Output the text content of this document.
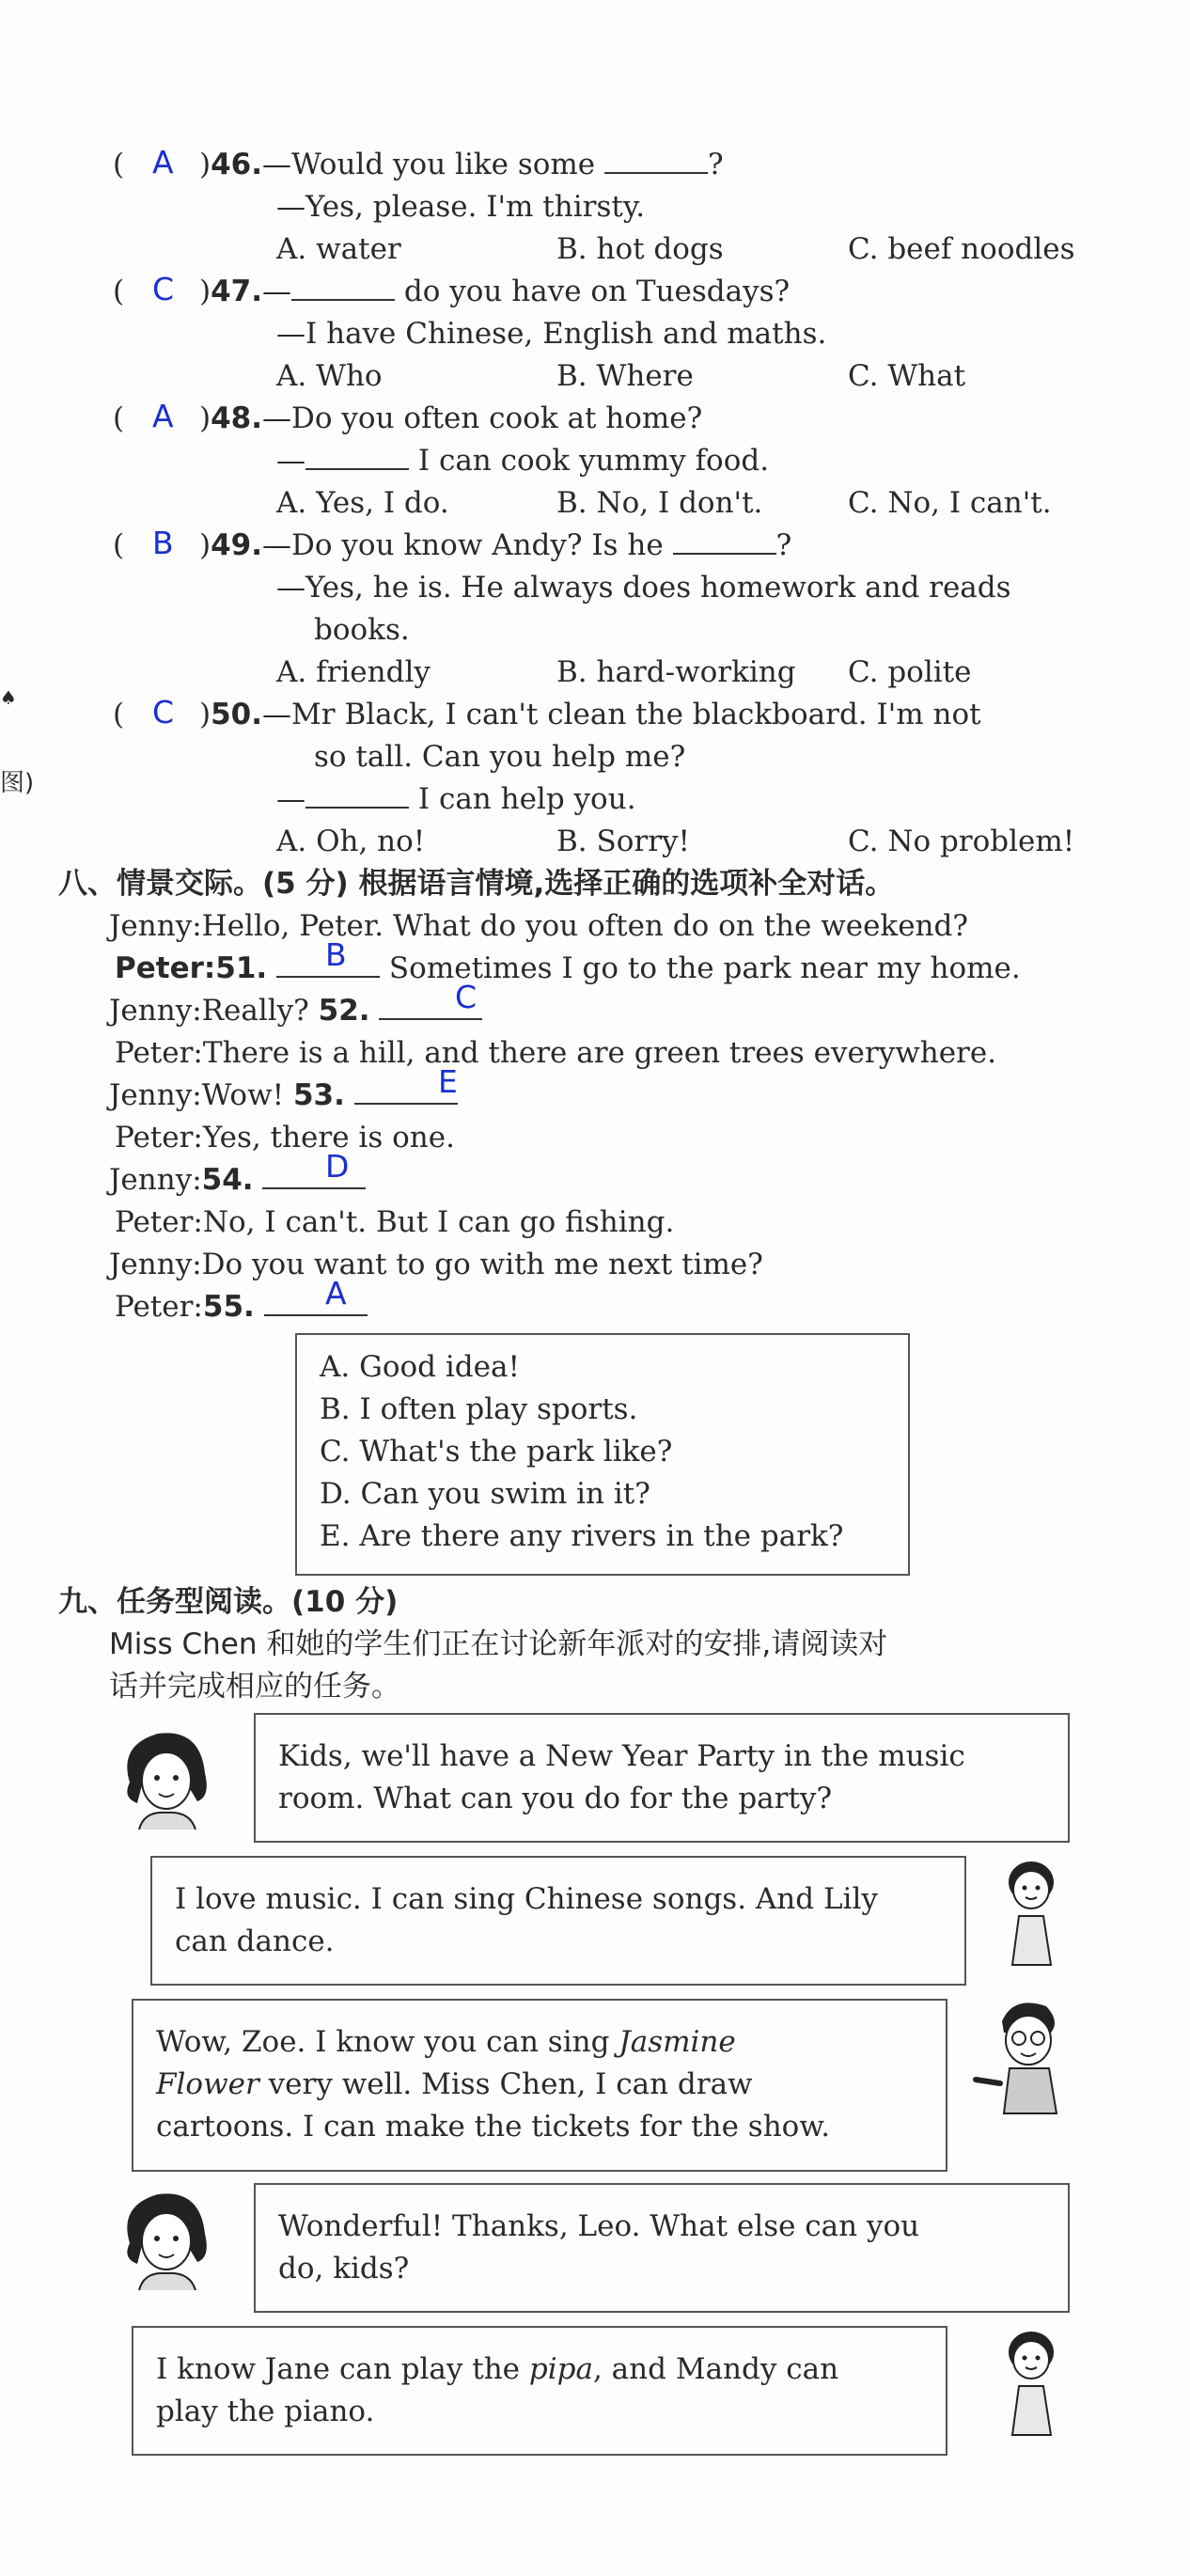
( A )46.—Would you like some	?
—Yes, please. I'm thirsty.
A. water	B. hot dogs	C. beef noodles
( C )47.—	do you have on Tuesdays?
—I have Chinese, English and maths.
A. Who	B. Where	C. What
( A )48.—Do you often cook at home?
—	I can cook yummy food.
A. Yes, I do.	B. No, I don't.	C. No, I can't.
( B )49.—Do you know Andy? Is he	?
—Yes, he is. He always does homework and reads
books.
A. friendly	B. hard-working C. polite
( C )50.—Mr Black, I can't clean the blackboard. I'm not
so tall. Can you help me?
—	I can help you.
A. Oh, no!	B. Sorry!	C. No problem!
♠
图)
八、情景交际。(5 分) 根据语言情境,选择正确的选项补全对话。
Jenny:Hello, Peter. What do you often do on the weekend?
Peter:51.	Sometimes I go to the park near my home.
B
Jenny:Really? 52.	C
Peter:There is a hill, and there are green trees everywhere.
Jenny:Wow! 53.	E
Peter:Yes, there is one.
Jenny:54.	D
Peter:No, I can't. But I can go fishing.
Jenny:Do you want to go with me next time?
Peter:55.	A
A. Good idea!
B. I often play sports.
C. What's the park like?
D. Can you swim in it?
E. Are there any rivers in the park?
九、任务型阅读。(10 分)
Miss Chen 和她的学生们正在讨论新年派对的安排,请阅读对
话并完成相应的任务。
Kids, we'll have a New Year Party in the music
room. What can you do for the party?
I love music. I can sing Chinese songs. And Lily
can dance.
Wow, Zoe. I know you can sing Jasmine
Flower very well. Miss Chen, I can draw
cartoons. I can make the tickets for the show.
Wonderful! Thanks, Leo. What else can you
do, kids?
I know Jane can play the pipa, and Mandy can
play the piano.
